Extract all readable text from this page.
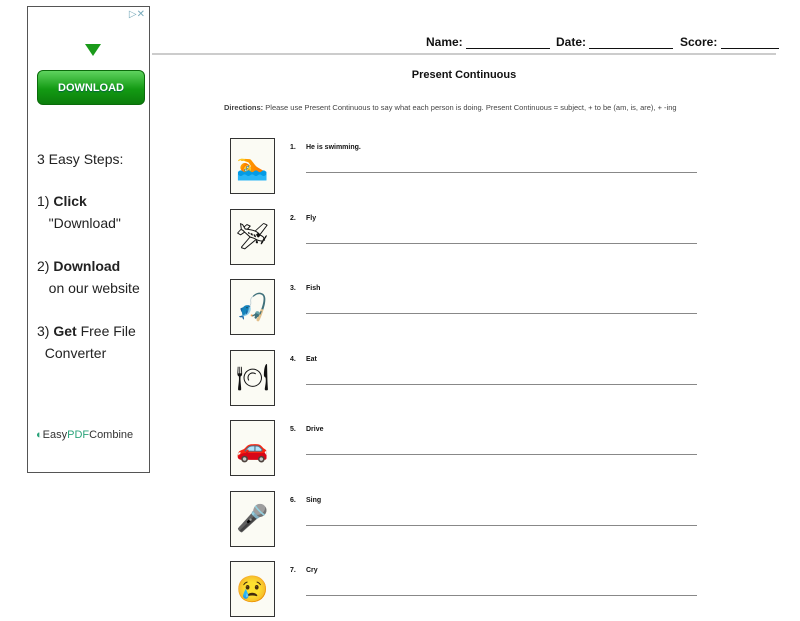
▷✕
DOWNLOAD
3 Easy Steps:
1) Click
"Download"
2) Download
on our website
3) Get Free File
Converter
◐EasyPDFCombine
Name:	Date:	Score:
Present Continuous
Directions: Please use Present Continuous to say what each person is doing. Present Continuous = subject, + to be (am, is, are), + -ing
🏊
1. He is swimming.
🛩
2. Fly
🎣
3. Fish
🍽
4. Eat
🚗
5. Drive
🎤
6. Sing
😢
7. Cry
